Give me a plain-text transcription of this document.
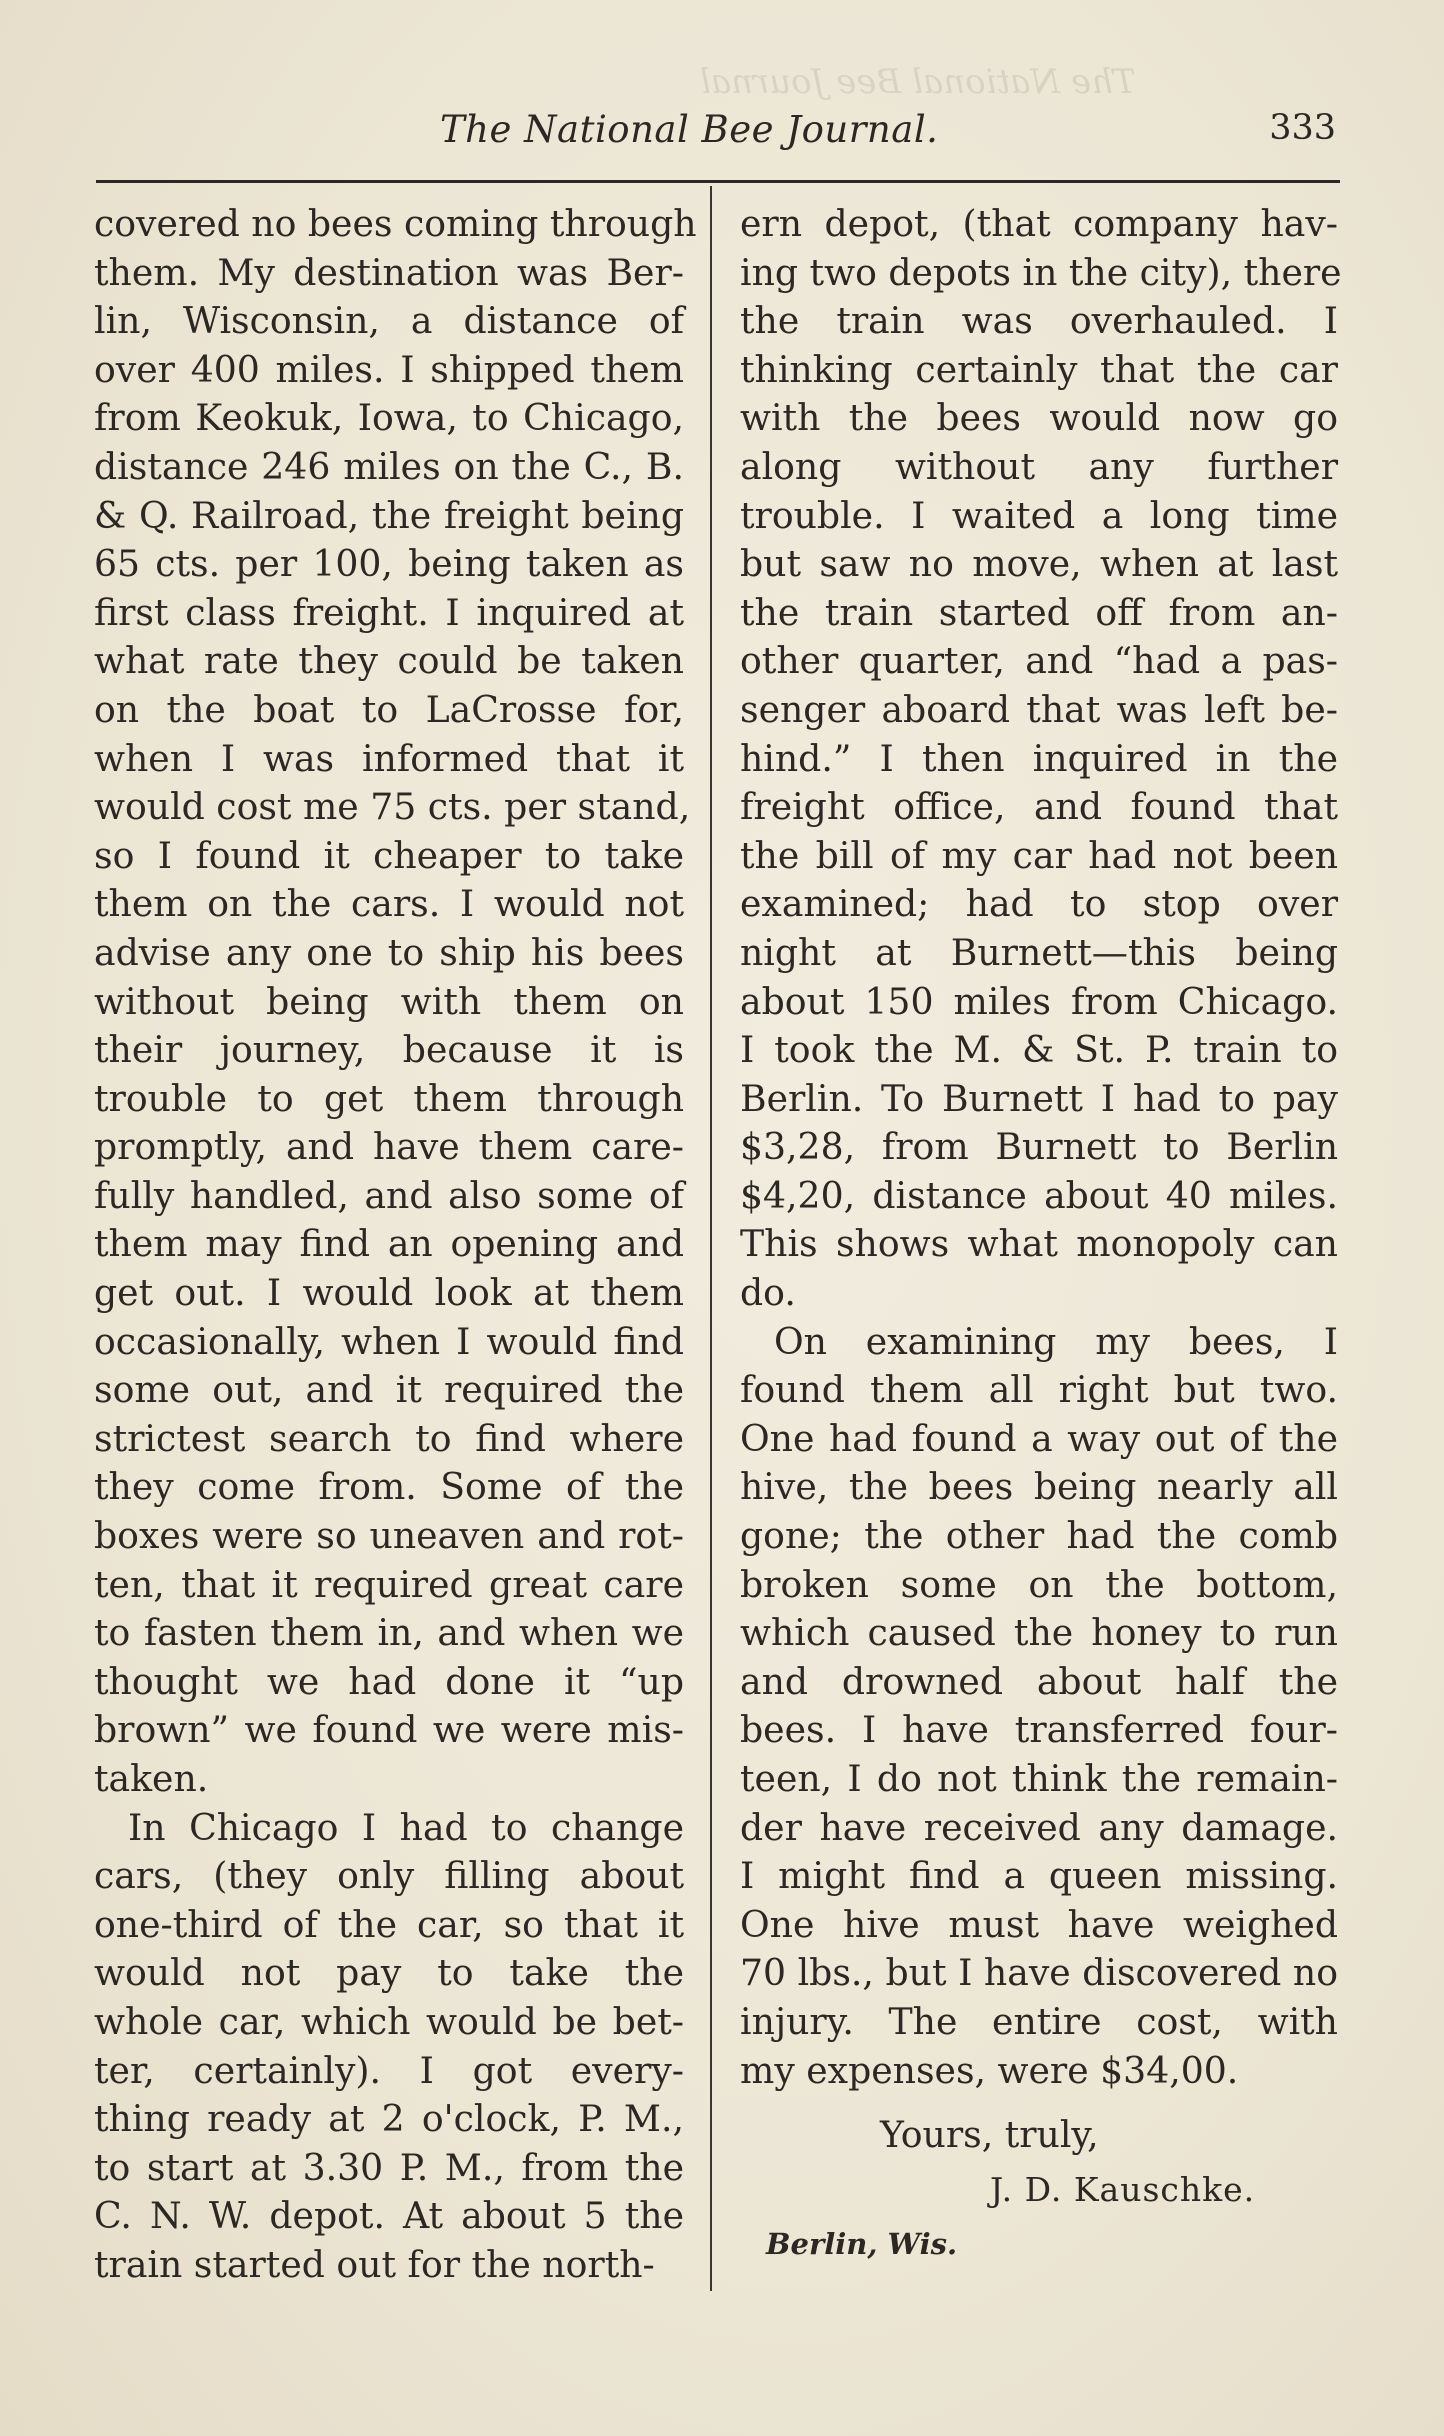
The National Bee Journal
The National Bee Journal.	333
covered no bees coming through
them. My destination was Ber-
lin, Wisconsin, a distance of
over 400 miles. I shipped them
from Keokuk, Iowa, to Chicago,
distance 246 miles on the C., B.
& Q. Railroad, the freight being
65 cts. per 100, being taken as
first class freight. I inquired at
what rate they could be taken
on the boat to LaCrosse for,
when I was informed that it
would cost me 75 cts. per stand,
so I found it cheaper to take
them on the cars. I would not
advise any one to ship his bees
without being with them on
their journey, because it is
trouble to get them through
promptly, and have them care-
fully handled, and also some of
them may find an opening and
get out. I would look at them
occasionally, when I would find
some out, and it required the
strictest search to find where
they come from. Some of the
boxes were so uneaven and rot-
ten, that it required great care
to fasten them in, and when we
thought we had done it “up
brown” we found we were mis-
taken.
In Chicago I had to change
cars, (they only filling about
one-third of the car, so that it
would not pay to take the
whole car, which would be bet-
ter, certainly). I got every-
thing ready at 2 o'clock, P. M.,
to start at 3.30 P. M., from the
C. N. W. depot. At about 5 the
train started out for the north-
ern depot, (that company hav-
ing two depots in the city), there
the train was overhauled. I
thinking certainly that the car
with the bees would now go
along without any further
trouble. I waited a long time
but saw no move, when at last
the train started off from an-
other quarter, and “had a pas-
senger aboard that was left be-
hind.” I then inquired in the
freight office, and found that
the bill of my car had not been
examined; had to stop over
night at Burnett—this being
about 150 miles from Chicago.
I took the M. & St. P. train to
Berlin. To Burnett I had to pay
$3,28, from Burnett to Berlin
$4,20, distance about 40 miles.
This shows what monopoly can
do.
On examining my bees, I
found them all right but two.
One had found a way out of the
hive, the bees being nearly all
gone; the other had the comb
broken some on the bottom,
which caused the honey to run
and drowned about half the
bees. I have transferred four-
teen, I do not think the remain-
der have received any damage.
I might find a queen missing.
One hive must have weighed
70 lbs., but I have discovered no
injury. The entire cost, with
my expenses, were $34,00.
Yours, truly,
J. D. Kauschke.
Berlin, Wis.
